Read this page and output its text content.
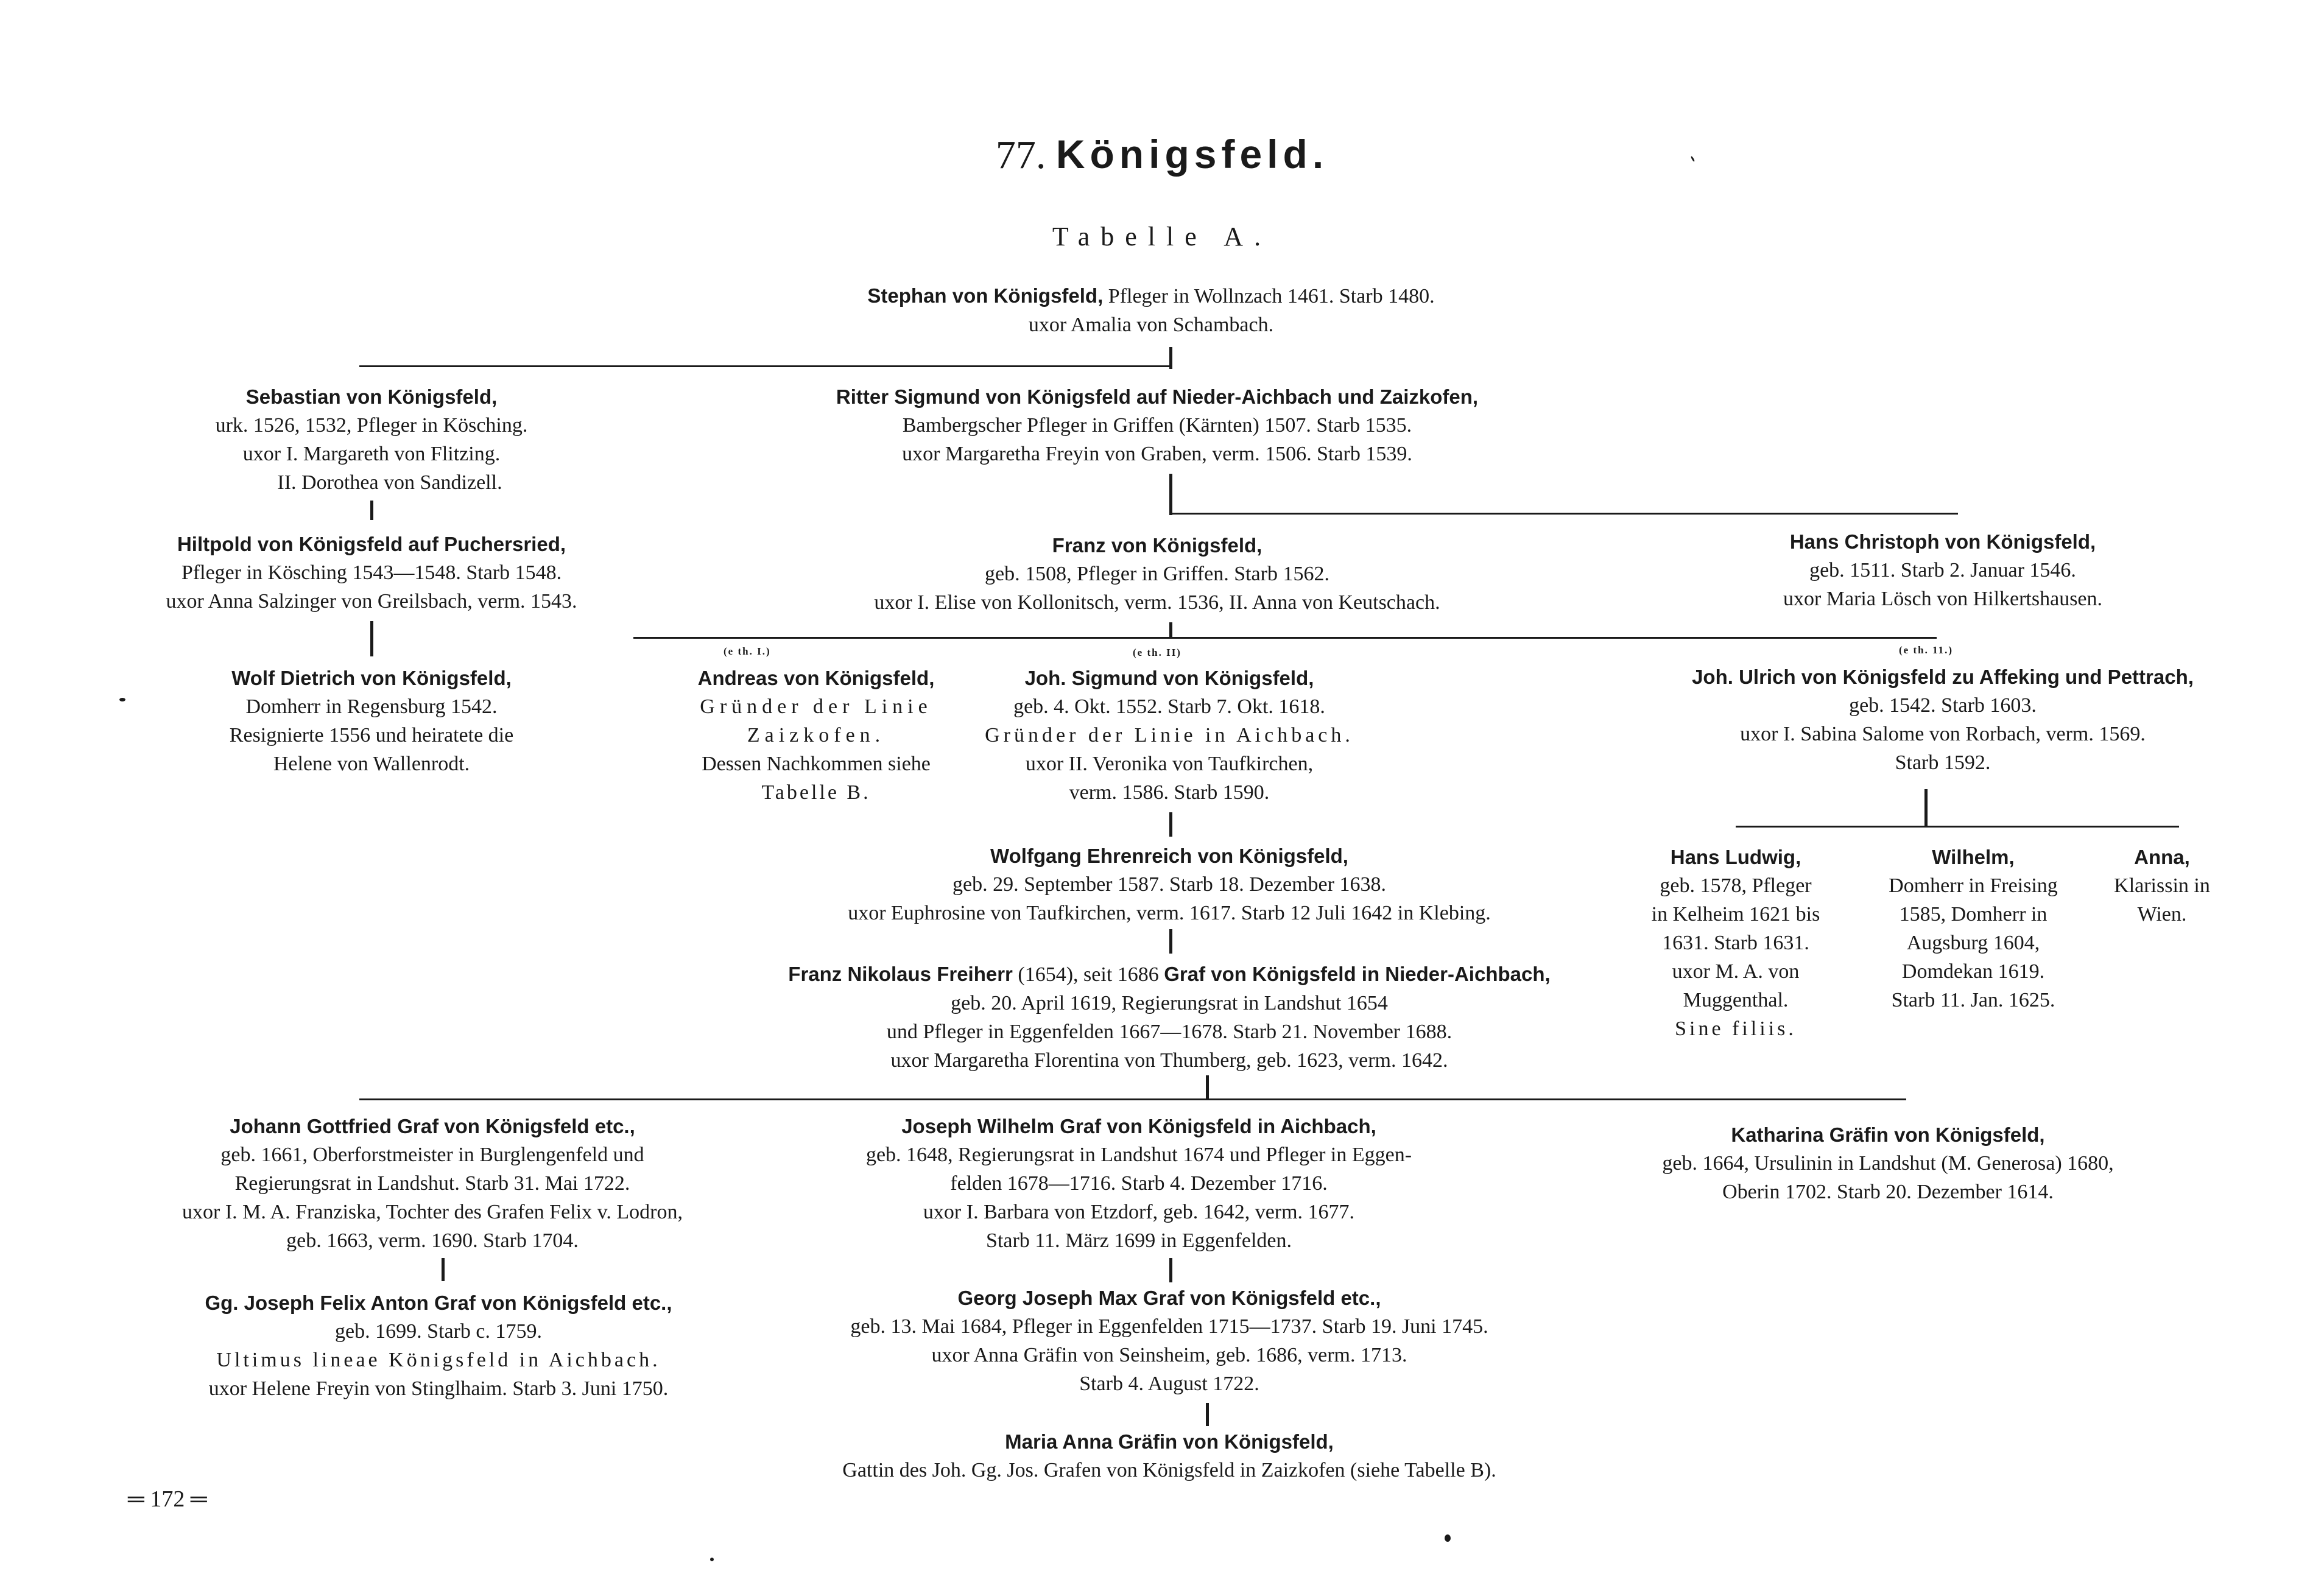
77. Königsfeld.
Tabelle A.
Stephan von Königsfeld, Pfleger in Wollnzach 1461. Starb 1480.
uxor Amalia von Schambach.
Sebastian von Königsfeld,
urk. 1526, 1532, Pfleger in Kösching.
uxor I. Margareth von Flitzing.
II. Dorothea von Sandizell.
Ritter Sigmund von Königsfeld auf Nieder-Aichbach und Zaizkofen,
Bambergscher Pfleger in Griffen (Kärnten) 1507. Starb 1535.
uxor Margaretha Freyin von Graben, verm. 1506. Starb 1539.
Hiltpold von Königsfeld auf Puchersried,
Pfleger in Kösching 1543—1548. Starb 1548.
uxor Anna Salzinger von Greilsbach, verm. 1543.
Franz von Königsfeld,
geb. 1508, Pfleger in Griffen. Starb 1562.
uxor I. Elise von Kollonitsch, verm. 1536, II. Anna von Keutschach.
Hans Christoph von Königsfeld,
geb. 1511. Starb 2. Januar 1546.
uxor Maria Lösch von Hilkertshausen.
Wolf Dietrich von Königsfeld,
Domherr in Regensburg 1542.
Resignierte 1556 und heiratete die
Helene von Wallenrodt.
(e th. I.)
Andreas von Königsfeld,
Gründer der Linie
Zaizkofen.
Dessen Nachkommen siehe
Tabelle B.
(e th. II)
Joh. Sigmund von Königsfeld,
geb. 4. Okt. 1552. Starb 7. Okt. 1618.
Gründer der Linie in Aichbach.
uxor II. Veronika von Taufkirchen,
verm. 1586. Starb 1590.
(e th. 11.)
Joh. Ulrich von Königsfeld zu Affeking und Pettrach,
geb. 1542. Starb 1603.
uxor I. Sabina Salome von Rorbach, verm. 1569.
Starb 1592.
Wolfgang Ehrenreich von Königsfeld,
geb. 29. September 1587. Starb 18. Dezember 1638.
uxor Euphrosine von Taufkirchen, verm. 1617. Starb 12 Juli 1642 in Klebing.
Hans Ludwig,
geb. 1578, Pfleger
in Kelheim 1621 bis
1631. Starb 1631.
uxor M. A. von
Muggenthal.
Sine filiis.
Wilhelm,
Domherr in Freising
1585, Domherr in
Augsburg 1604,
Domdekan 1619.
Starb 11. Jan. 1625.
Anna,
Klarissin in
Wien.
Franz Nikolaus Freiherr (1654), seit 1686 Graf von Königsfeld in Nieder-Aichbach,
geb. 20. April 1619, Regierungsrat in Landshut 1654
und Pfleger in Eggenfelden 1667—1678. Starb 21. November 1688.
uxor Margaretha Florentina von Thumberg, geb. 1623, verm. 1642.
Johann Gottfried Graf von Königsfeld etc.,
geb. 1661, Oberforstmeister in Burglengenfeld und
Regierungsrat in Landshut. Starb 31. Mai 1722.
uxor I. M. A. Franziska, Tochter des Grafen Felix v. Lodron,
geb. 1663, verm. 1690. Starb 1704.
Joseph Wilhelm Graf von Königsfeld in Aichbach,
geb. 1648, Regierungsrat in Landshut 1674 und Pfleger in Eggen-
felden 1678—1716. Starb 4. Dezember 1716.
uxor I. Barbara von Etzdorf, geb. 1642, verm. 1677.
Starb 11. März 1699 in Eggenfelden.
Katharina Gräfin von Königsfeld,
geb. 1664, Ursulinin in Landshut (M. Generosa) 1680,
Oberin 1702. Starb 20. Dezember 1614.
Gg. Joseph Felix Anton Graf von Königsfeld etc.,
geb. 1699. Starb c. 1759.
Ultimus lineae Königsfeld in Aichbach.
uxor Helene Freyin von Stinglhaim. Starb 3. Juni 1750.
Georg Joseph Max Graf von Königsfeld etc.,
geb. 13. Mai 1684, Pfleger in Eggenfelden 1715—1737. Starb 19. Juni 1745.
uxor Anna Gräfin von Seinsheim, geb. 1686, verm. 1713.
Starb 4. August 1722.
Maria Anna Gräfin von Königsfeld,
Gattin des Joh. Gg. Jos. Grafen von Königsfeld in Zaizkofen (siehe Tabelle B).
═ 172 ═
